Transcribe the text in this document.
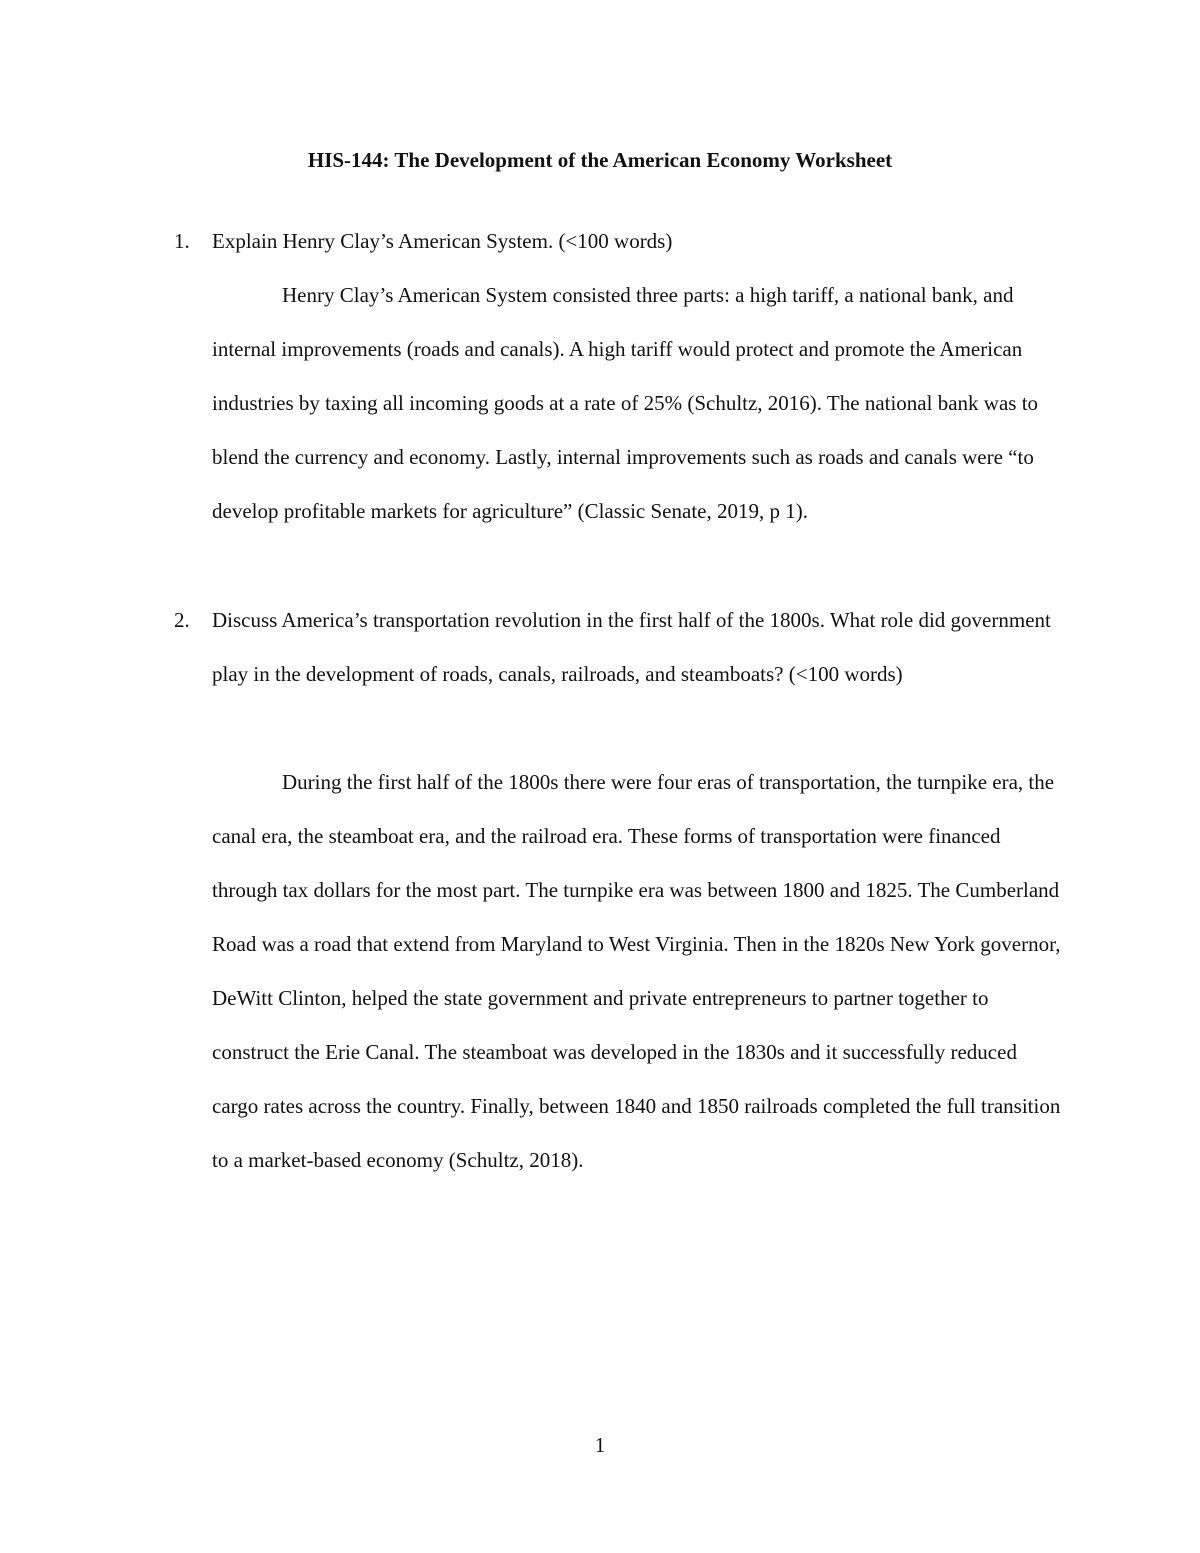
HIS-144: The Development of the American Economy Worksheet
1.	Explain Henry Clay’s American System. (<100 words)
Henry Clay’s American System consisted three parts: a high tariff, a national bank, and internal improvements (roads and canals). A high tariff would protect and promote the American industries by taxing all incoming goods at a rate of 25% (Schultz, 2016). The national bank was to blend the currency and economy. Lastly, internal improvements such as roads and canals were “to develop profitable markets for agriculture” (Classic Senate, 2019, p 1).
2.	Discuss America’s transportation revolution in the first half of the 1800s. What role did government play in the development of roads, canals, railroads, and steamboats? (<100 words)
During the first half of the 1800s there were four eras of transportation, the turnpike era, the canal era, the steamboat era, and the railroad era. These forms of transportation were financed through tax dollars for the most part. The turnpike era was between 1800 and 1825. The Cumberland Road was a road that extend from Maryland to West Virginia. Then in the 1820s New York governor, DeWitt Clinton, helped the state government and private entrepreneurs to partner together to construct the Erie Canal. The steamboat was developed in the 1830s and it successfully reduced cargo rates across the country. Finally, between 1840 and 1850 railroads completed the full transition to a market-based economy (Schultz, 2018).
1
